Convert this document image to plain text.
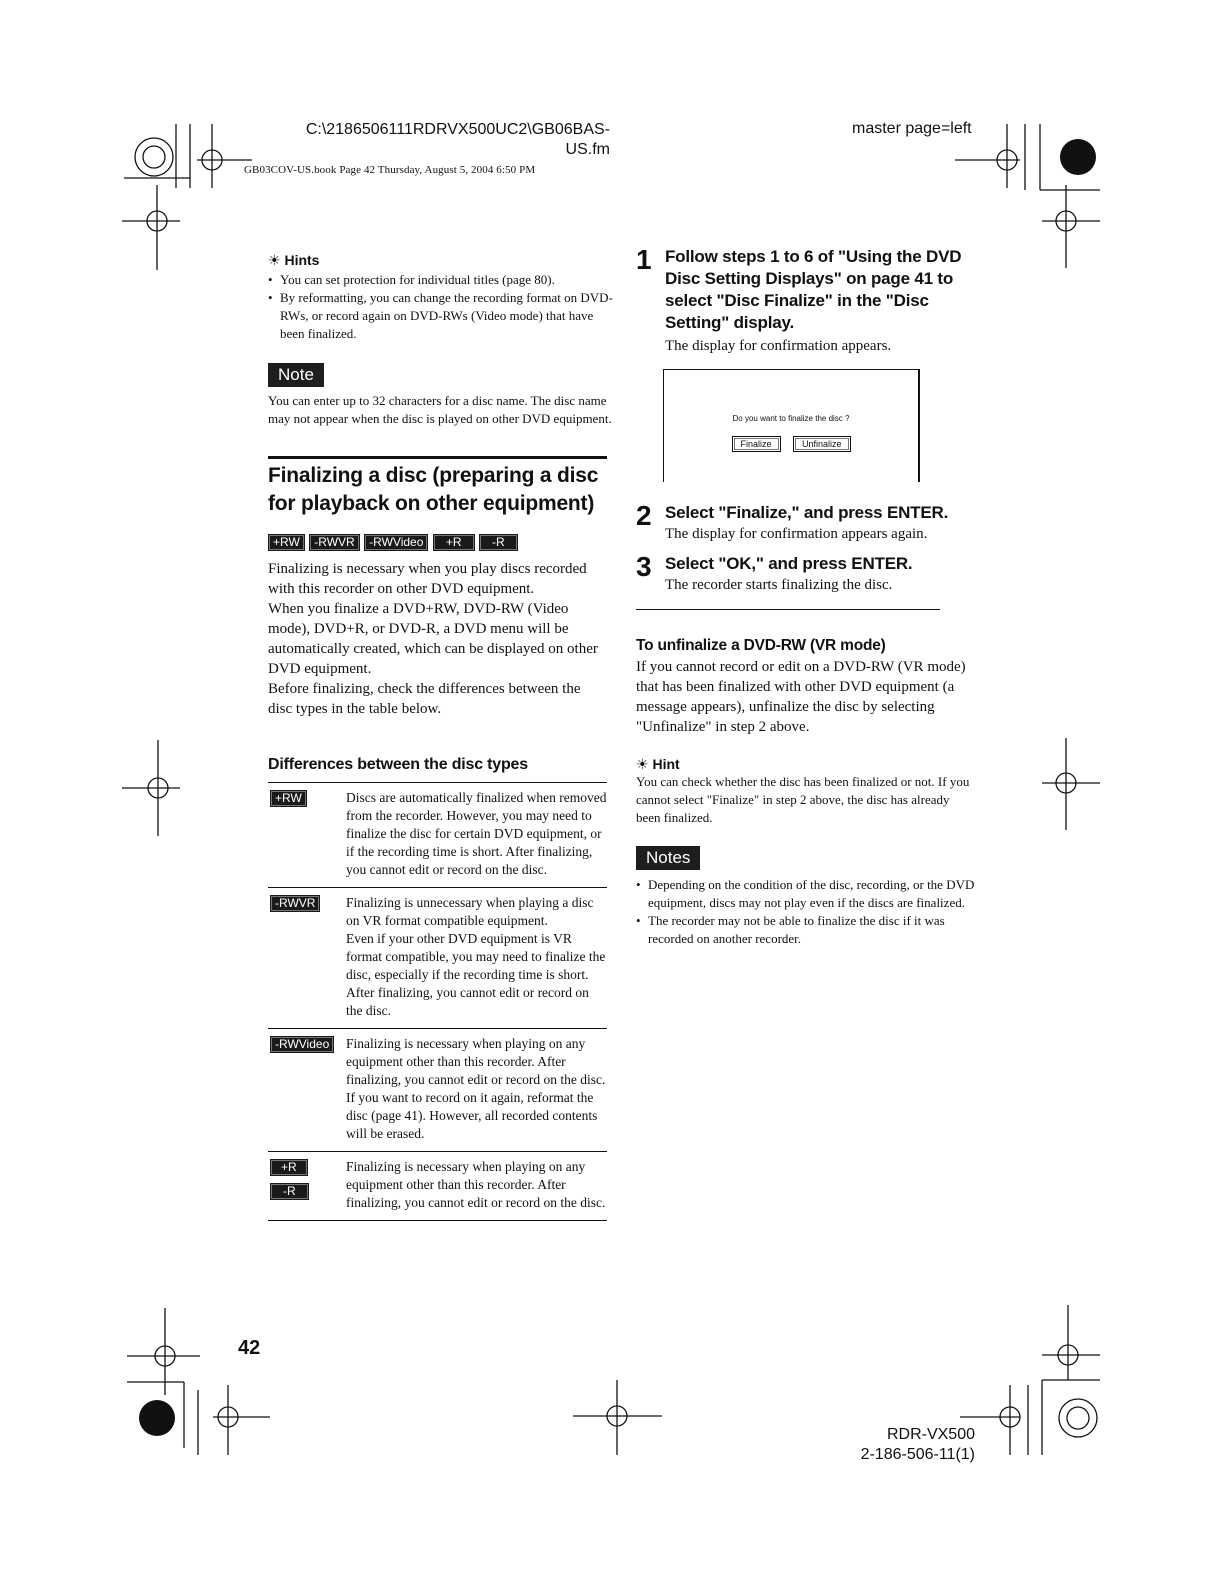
C:\2186506111RDRVX500UC2\GB06BAS-
US.fm
GB03COV-US.book Page 42 Thursday, August 5, 2004 6:50 PM
master page=left
☀ Hints
• You can set protection for individual titles (page 80).
• By reformatting, you can change the recording format on DVD-RWs, or record again on DVD-RWs (Video mode) that have been finalized.
Note
You can enter up to 32 characters for a disc name. The disc name may not appear when the disc is played on other DVD equipment.
Finalizing a disc (preparing a disc
for playback on other equipment)
+RW -RWVR -RWVideo +R	-R
Finalizing is necessary when you play discs recorded with this recorder on other DVD equipment.
When you finalize a DVD+RW, DVD-RW (Video mode), DVD+R, or DVD-R, a DVD menu will be automatically created, which can be displayed on other DVD equipment.
Before finalizing, check the differences between the disc types in the table below.
Differences between the disc types
+RW	Discs are automatically finalized when removed from the recorder. However, you may need to finalize the disc for certain DVD equipment, or if the recording time is short. After finalizing, you cannot edit or record on the disc.
-RWVR	Finalizing is unnecessary when playing a disc on VR format compatible equipment.
Even if your other DVD equipment is VR format compatible, you may need to finalize the disc, especially if the recording time is short. After finalizing, you cannot edit or record on the disc.
-RWVideo	Finalizing is necessary when playing on any equipment other than this recorder. After finalizing, you cannot edit or record on the disc. If you want to record on it again, reformat the disc (page 41). However, all recorded contents will be erased.

+R
-R	Finalizing is necessary when playing on any equipment other than this recorder. After finalizing, you cannot edit or record on the disc.
1 Follow steps 1 to 6 of "Using the DVD Disc Setting Displays" on page 41 to select "Disc Finalize" in the "Disc Setting" display.
The display for confirmation appears.
Do you want to finalize the disc ?
Finalize	Unfinalize
2 Select "Finalize," and press ENTER.
The display for confirmation appears again.
3 Select "OK," and press ENTER.
The recorder starts finalizing the disc.
To unfinalize a DVD-RW (VR mode)
If you cannot record or edit on a DVD-RW (VR mode) that has been finalized with other DVD equipment (a message appears), unfinalize the disc by selecting "Unfinalize" in step 2 above.
☀ Hint
You can check whether the disc has been finalized or not. If you cannot select "Finalize" in step 2 above, the disc has already been finalized.
Notes
• Depending on the condition of the disc, recording, or the DVD equipment, discs may not play even if the discs are finalized.
• The recorder may not be able to finalize the disc if it was recorded on another recorder.
42
RDR-VX500
2-186-506-11(1)
